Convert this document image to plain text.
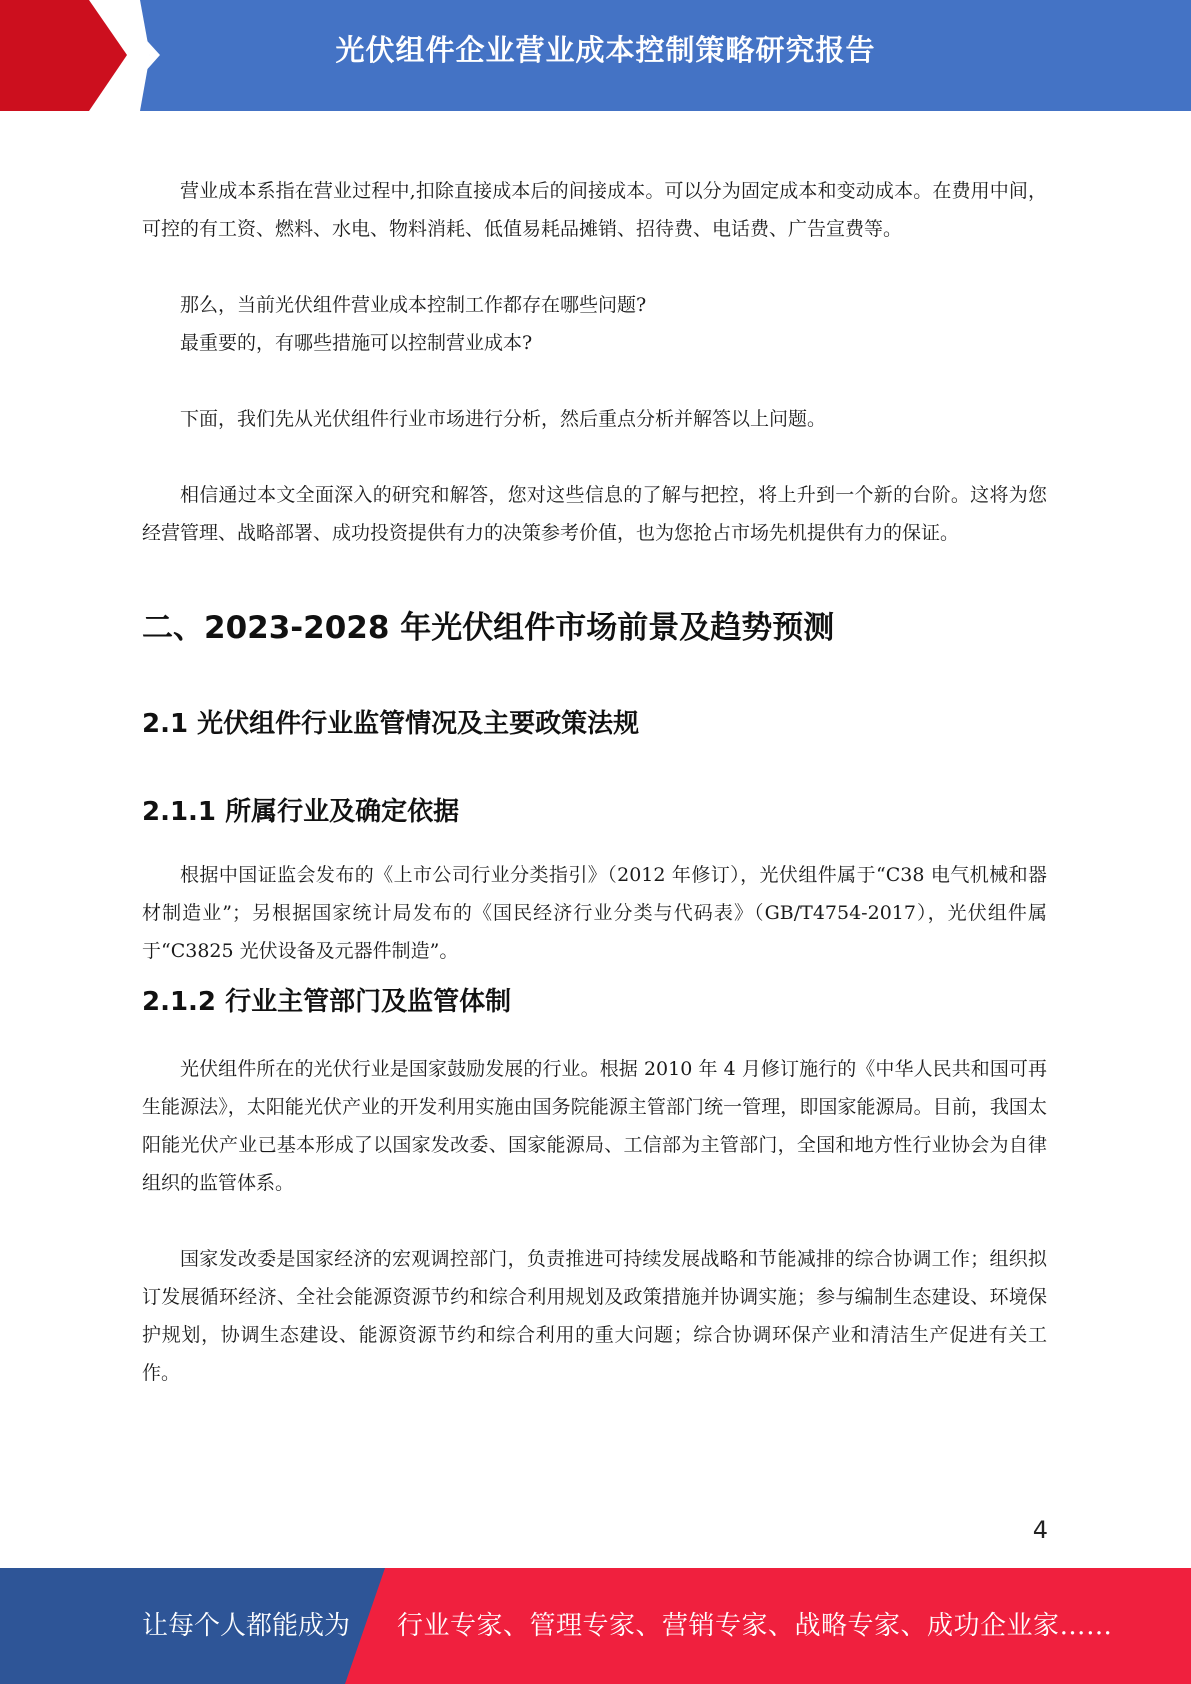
光伏组件企业营业成本控制策略研究报告

营业成本系指在营业过程中,扣除直接成本后的间接成本。可以分为固定成本和变动成本。在费用中间，可控的有工资、燃料、水电、物料消耗、低值易耗品摊销、招待费、电话费、广告宣费等。

那么，当前光伏组件营业成本控制工作都存在哪些问题?

最重要的，有哪些措施可以控制营业成本?

下面，我们先从光伏组件行业市场进行分析，然后重点分析并解答以上问题。

相信通过本文全面深入的研究和解答，您对这些信息的了解与把控，将上升到一个新的台阶。这将为您经营管理、战略部署、成功投资提供有力的决策参考价值，也为您抢占市场先机提供有力的保证。

二、2023-2028 年光伏组件市场前景及趋势预测
2.1 光伏组件行业监管情况及主要政策法规
2.1.1 所属行业及确定依据

根据中国证监会发布的《上市公司行业分类指引》（2012 年修订），光伏组件属于“C38 电气机械和器材制造业”；另根据国家统计局发布的《国民经济行业分类与代码表》（GB/T4754-2017），光伏组件属于“C3825 光伏设备及元器件制造”。

2.1.2 行业主管部门及监管体制

光伏组件所在的光伏行业是国家鼓励发展的行业。根据 2010 年 4 月修订施行的《中华人民共和国可再生能源法》，太阳能光伏产业的开发利用实施由国务院能源主管部门统一管理，即国家能源局。目前，我国太阳能光伏产业已基本形成了以国家发改委、国家能源局、工信部为主管部门，全国和地方性行业协会为自律组织的监管体系。

国家发改委是国家经济的宏观调控部门，负责推进可持续发展战略和节能减排的综合协调工作；组织拟订发展循环经济、全社会能源资源节约和综合利用规划及政策措施并协调实施；参与编制生态建设、环境保护规划，协调生态建设、能源资源节约和综合利用的重大问题；综合协调环保产业和清洁生产促进有关工作。

4
让每个人都能成为 行业专家、管理专家、营销专家、战略专家、成功企业家……
